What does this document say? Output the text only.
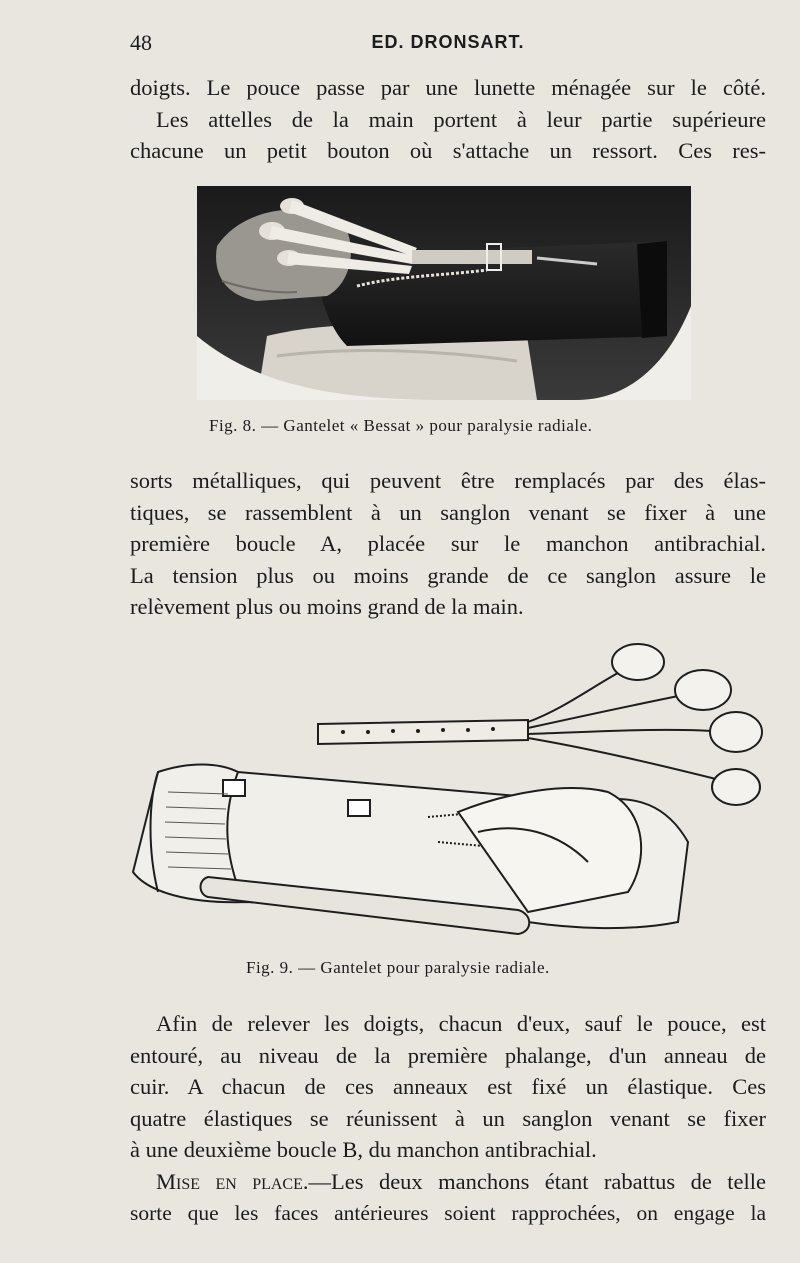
48	ED. DRONSART.

doigts. Le pouce passe par une lunette ménagée sur le côté.
Les attelles de la main portent à leur partie supérieure
chacune un petit bouton où s'attache un ressort. Ces res-

Fig. 8. — Gantelet « Bessat » pour paralysie radiale.

sorts métalliques, qui peuvent être remplacés par des élas-
tiques, se rassemblent à un sanglon venant se fixer à une
première boucle A, placée sur le manchon antibrachial.
La tension plus ou moins grande de ce sanglon assure le
relèvement plus ou moins grand de la main.

Fig. 9. — Gantelet pour paralysie radiale.

Afin de relever les doigts, chacun d'eux, sauf le pouce, est
entouré, au niveau de la première phalange, d'un anneau de
cuir. A chacun de ces anneaux est fixé un élastique. Ces
quatre élastiques se réunissent à un sanglon venant se fixer
à une deuxième boucle B, du manchon antibrachial.

Mise en place.—Les deux manchons étant rabattus de telle
sorte que les faces antérieures soient rapprochées, on engage la
